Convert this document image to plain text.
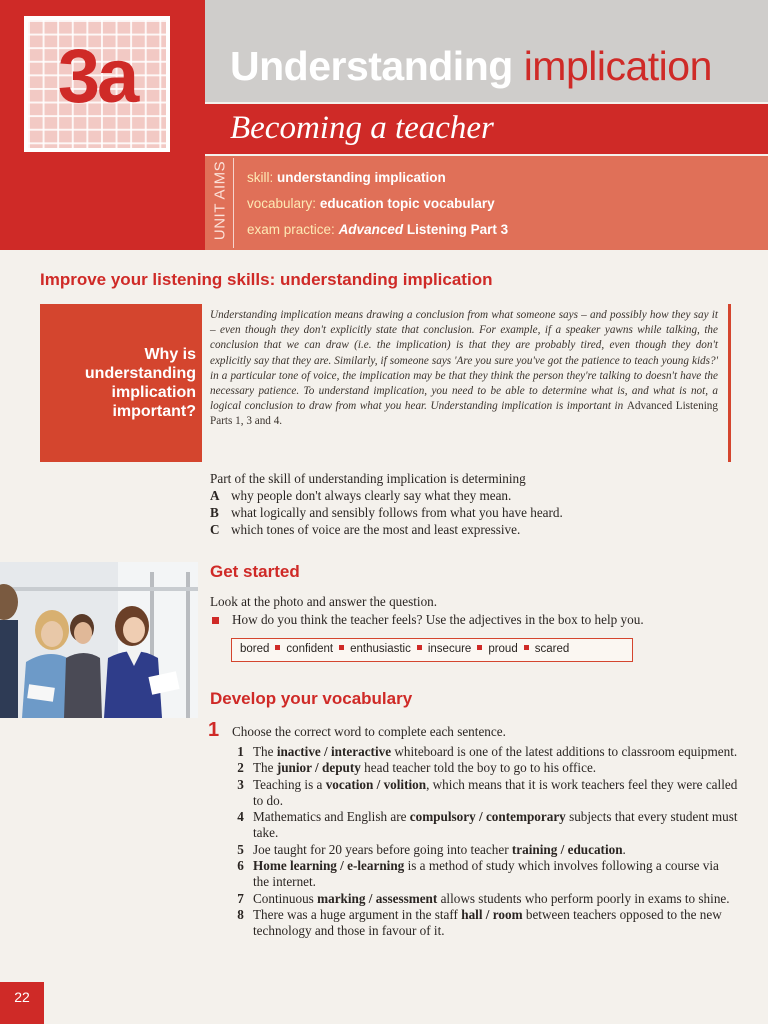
3a	Understanding implication
Becoming a teacher
UNIT AIMS skill: understanding implication
vocabulary: education topic vocabulary
exam practice: Advanced Listening Part 3
Improve your listening skills: understanding implication
Why is
understanding
implication
important?
Understanding implication means drawing a conclusion from what someone says – and possibly how they say it – even though they don't explicitly state that conclusion. For example, if a speaker yawns while talking, the conclusion that we can draw (i.e. the implication) is that they are probably tired, even though they don't explicitly say that they are. Similarly, if someone says 'Are you sure you've got the patience to teach young kids?' in a particular tone of voice, the implication may be that they think the person they're talking to doesn't have the necessary patience. To understand implication, you need to be able to determine what is, and what is not, a logical conclusion to draw from what you hear. Understanding implication is important in Advanced Listening Parts 1, 3 and 4.
Part of the skill of understanding implication is determining
A why people don't always clearly say what they mean.
B what logically and sensibly follows from what you have heard.
C which tones of voice are the most and least expressive.
Get started
Look at the photo and answer the question.
How do you think the teacher feels? Use the adjectives in the box to help you.
bored confident enthusiastic insecure proud scared
Develop your vocabulary
1 Choose the correct word to complete each sentence.
1 The inactive / interactive whiteboard is one of the latest additions to classroom equipment.
2 The junior / deputy head teacher told the boy to go to his office.
3 Teaching is a vocation / volition, which means that it is work teachers feel they were called to do.
4 Mathematics and English are compulsory / contemporary subjects that every student must take.
5 Joe taught for 20 years before going into teacher training / education.
6 Home learning / e-learning is a method of study which involves following a course via the internet.
7 Continuous marking / assessment allows students who perform poorly in exams to shine.
8 There was a huge argument in the staff hall / room between teachers opposed to the new technology and those in favour of it.
22
